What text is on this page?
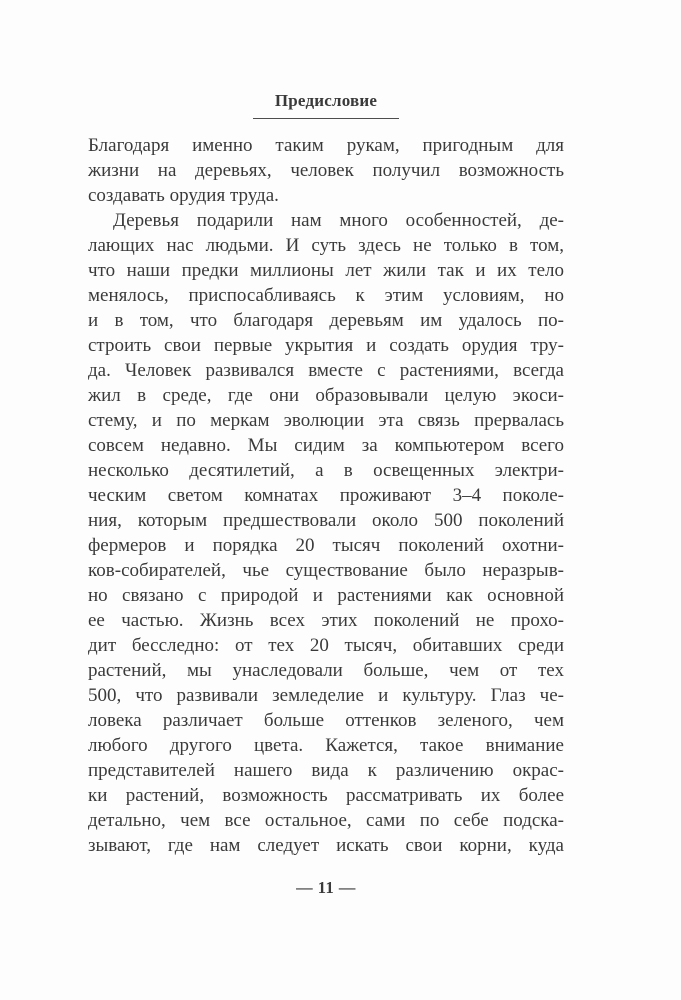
Предисловие
Благодаря именно таким рукам, пригодным для
жизни на деревьях, человек получил возможность
создавать орудия труда.
Деревья подарили нам много особенностей, де-
лающих нас людьми. И суть здесь не только в том,
что наши предки миллионы лет жили так и их тело
менялось, приспосабливаясь к этим условиям, но
и в том, что благодаря деревьям им удалось по-
строить свои первые укрытия и создать орудия тру-
да. Человек развивался вместе с растениями, всегда
жил в среде, где они образовывали целую экоси-
стему, и по меркам эволюции эта связь прервалась
совсем недавно. Мы сидим за компьютером всего
несколько десятилетий, а в освещенных электри-
ческим светом комнатах проживают 3–4 поколе-
ния, которым предшествовали около 500 поколений
фермеров и порядка 20 тысяч поколений охотни-
ков-собирателей, чье существование было неразрыв-
но связано с природой и растениями как основной
ее частью. Жизнь всех этих поколений не прохо-
дит бесследно: от тех 20 тысяч, обитавших среди
растений, мы унаследовали больше, чем от тех
500, что развивали земледелие и культуру. Глаз че-
ловека различает больше оттенков зеленого, чем
любого другого цвета. Кажется, такое внимание
представителей нашего вида к различению окрас-
ки растений, возможность рассматривать их более
детально, чем все остальное, сами по себе подска-
зывают, где нам следует искать свои корни, куда
— 11 —
